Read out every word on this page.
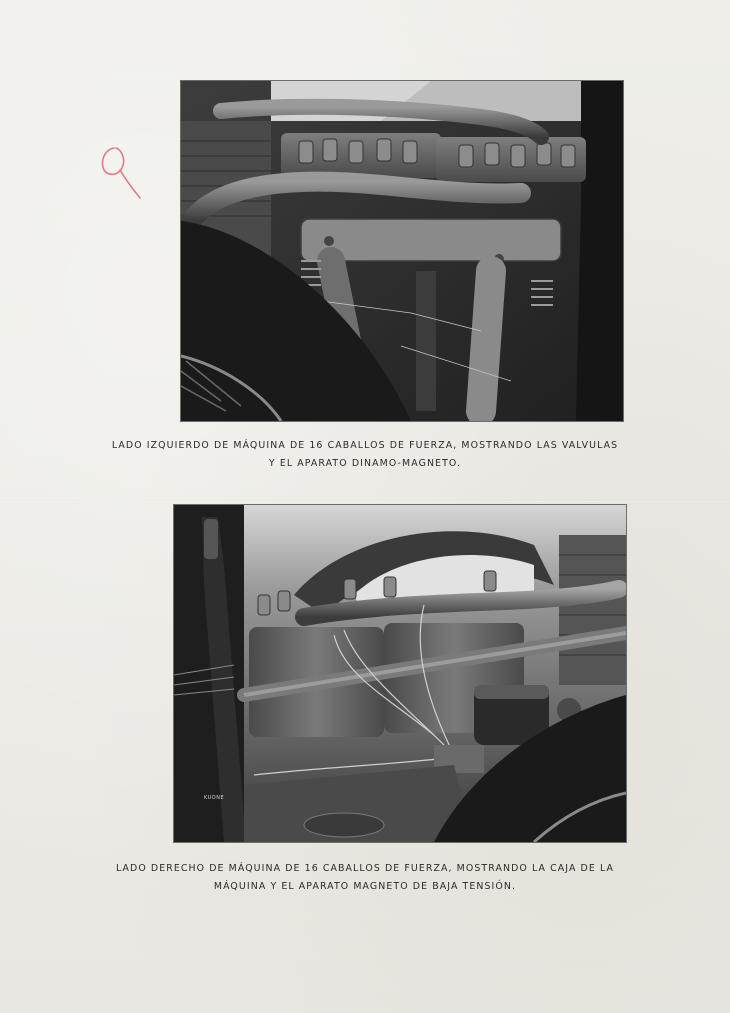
LADO IZQUIERDO DE MÁQUINA DE 16 CABALLOS DE FUERZA, MOSTRANDO LAS VALVULAS
Y EL APARATO DINAMO-MAGNETO.
KUONE
LADO DERECHO DE MÁQUINA DE 16 CABALLOS DE FUERZA, MOSTRANDO LA CAJA DE LA
MÁQUINA Y EL APARATO MAGNETO DE BAJA TENSIÓN.
